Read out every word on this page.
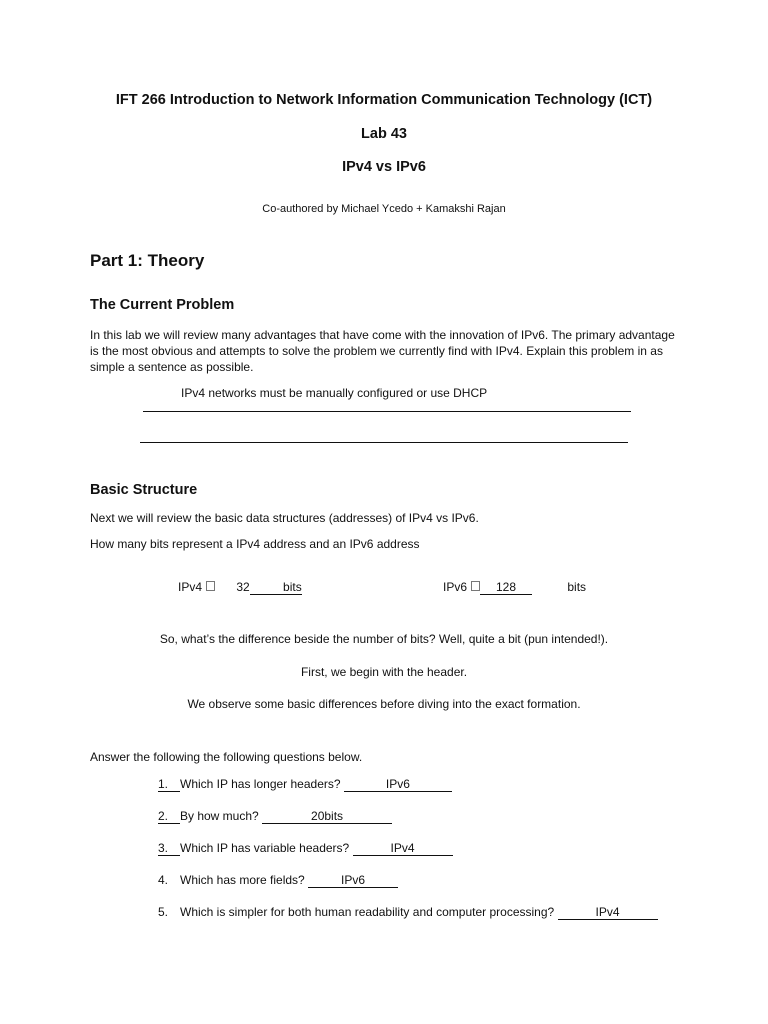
IFT 266 Introduction to Network Information Communication Technology (ICT)
Lab 43
IPv4 vs IPv6
Co-authored by Michael Ycedo + Kamakshi Rajan
Part 1: Theory
The Current Problem
In this lab we will review many advantages that have come with the innovation of IPv6. The primary advantage is the most obvious and attempts to solve the problem we currently find with IPv4. Explain this problem in as simple a sentence as possible.
IPv4 networks must be manually configured or use DHCP
Basic Structure
Next we will review the basic data structures (addresses) of IPv4 vs IPv6.
How many bits represent a IPv4 address and an IPv6 address
IPv4	32	bits	IPv6 128	bits
So, what’s the difference beside the number of bits? Well, quite a bit (pun intended!).
First, we begin with the header.
We observe some basic differences before diving into the exact formation.
Answer the following the following questions below.
1. Which IP has longer headers?	IPv6
2. By how much?	20bits
3. Which IP has variable headers?	IPv4
4. Which has more fields?	IPv6
5. Which is simpler for both human readability and computer processing?	IPv4
